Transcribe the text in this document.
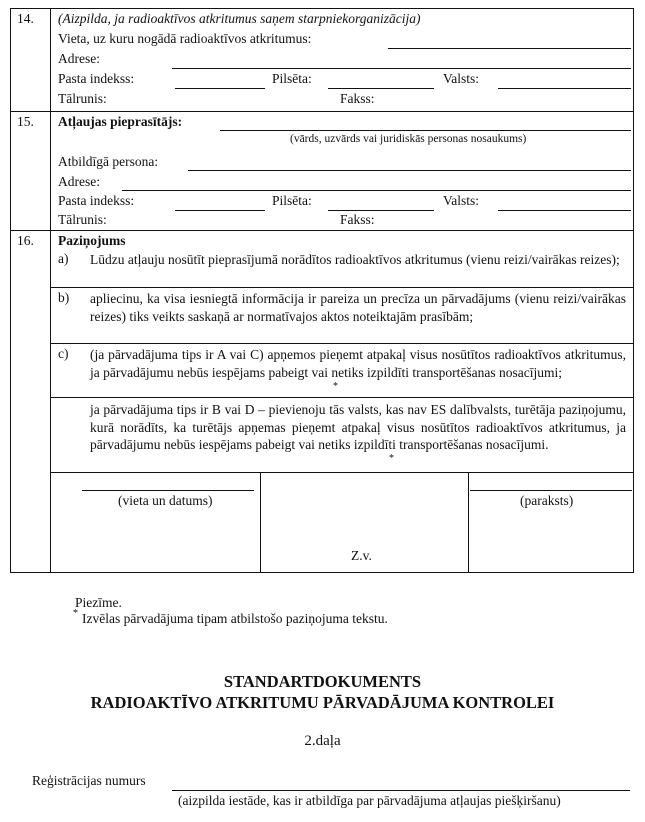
14. (Aizpilda, ja radioaktīvos atkritumus saņem starpniekorganizācija)
Vieta, uz kuru nogādā radioaktīvos atkritumus:
Adrese:
Pasta indekss:	Pilsēta:	Valsts:
Tālrunis:	Fakss:
15. Atļaujas pieprasītājs:
(vārds, uzvārds vai juridiskās personas nosaukums)
Atbildīgā persona:
Adrese:
Pasta indekss:	Pilsēta:	Valsts:
Tālrunis:	Fakss:
16. Paziņojums
a) Lūdzu atļauju nosūtīt pieprasījumā norādītos radioaktīvos atkritumus (vienu reizi/vairākas reizes);
b) apliecinu, ka visa iesniegtā informācija ir pareiza un precīza un pārvadājums (vienu reizi/vairākas reizes) tiks veikts saskaņā ar normatīvajos aktos noteiktajām prasībām;
c) (ja pārvadājuma tips ir A vai C) apņemos pieņemt atpakaļ visus nosūtītos radioaktīvos atkritumus, ja pārvadājumu nebūs iespējams pabeigt vai netiks izpildīti transportēšanas nosacījumi;
*
ja pārvadājuma tips ir B vai D – pievienoju tās valsts, kas nav ES dalībvalsts, turētāja paziņojumu, kurā norādīts, ka turētājs apņemas pieņemt atpakaļ visus nosūtītos radioaktīvos atkritumus, ja pārvadājumu nebūs iespējams pabeigt vai netiks izpildīti transportēšanas nosacījumi.
*
(vieta un datums)
Z.v.
(paraksts)
Piezīme.
* Izvēlas pārvadājuma tipam atbilstošo paziņojuma tekstu.
STANDARTDOKUMENTS
RADIOAKTĪVO ATKRITUMU PĀRVADĀJUMA KONTROLEI
2.daļa
Reģistrācijas numurs
(aizpilda iestāde, kas ir atbildīga par pārvadājuma atļaujas piešķiršanu)
